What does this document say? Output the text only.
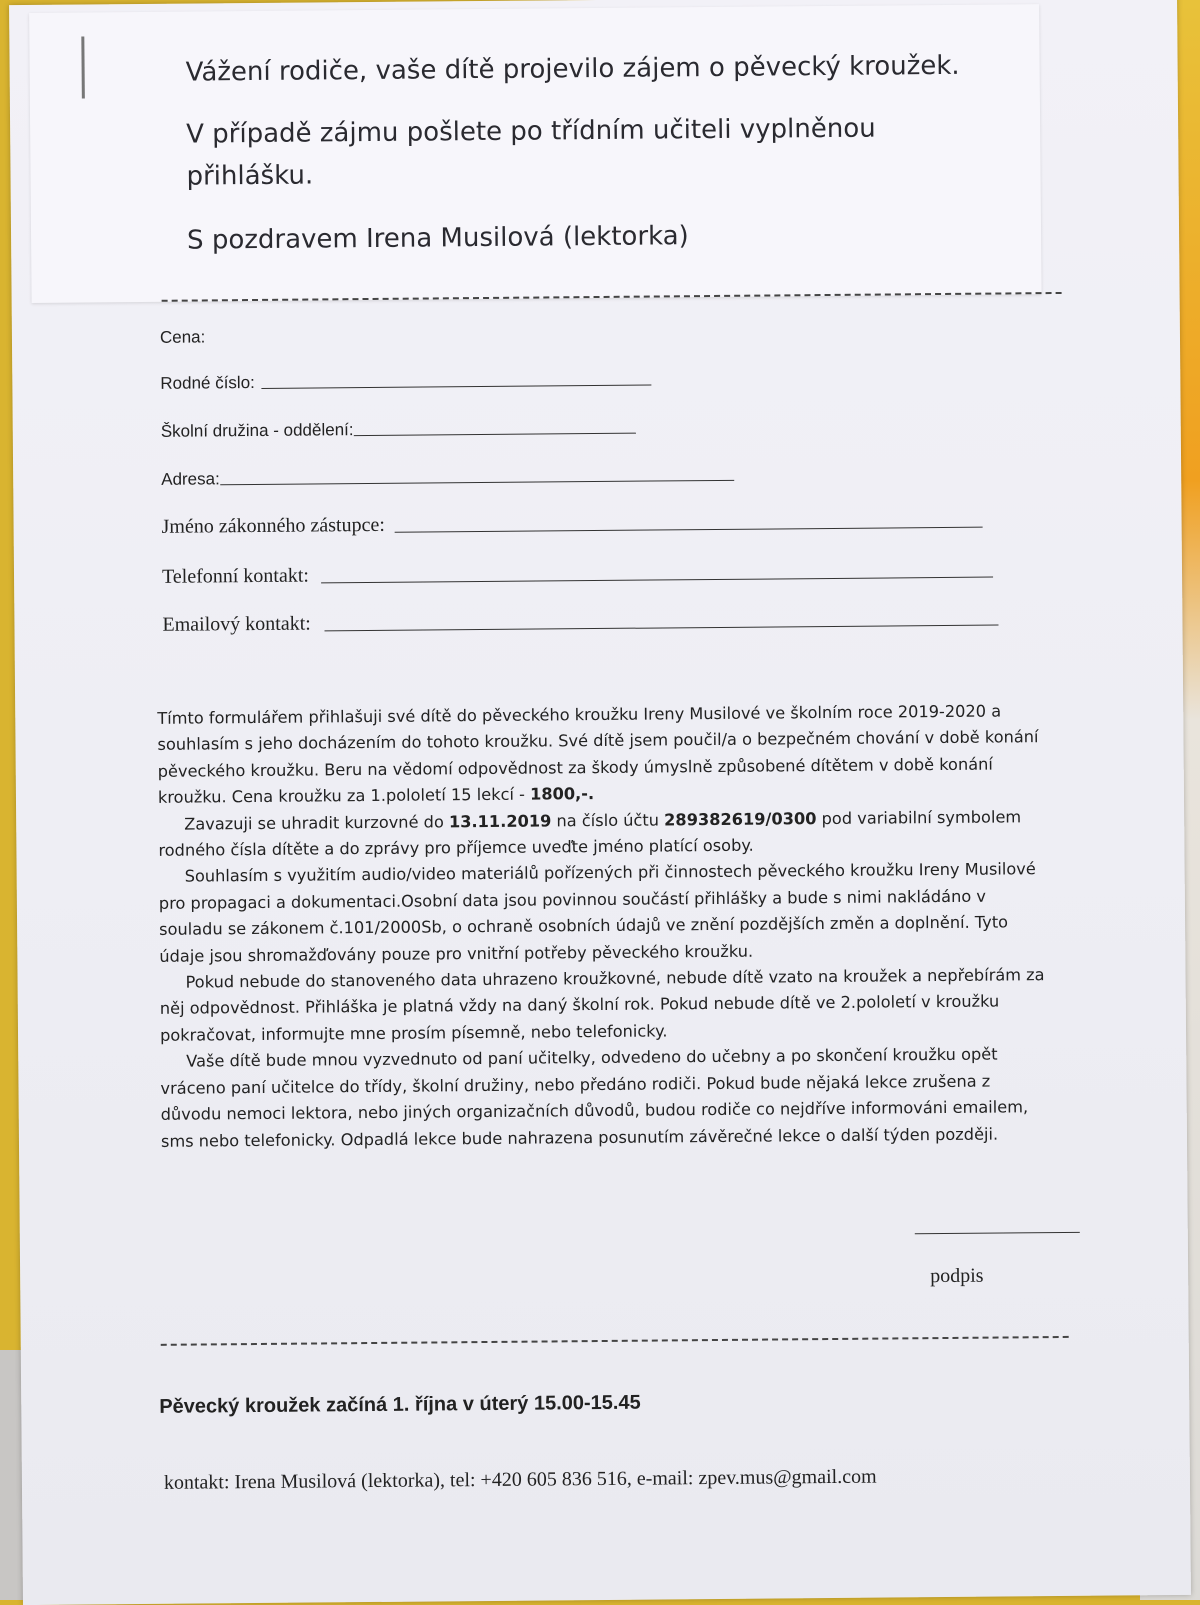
Vážení rodiče, vaše dítě projevilo zájem o pěvecký kroužek.

V případě zájmu pošlete po třídním učiteli vyplněnou

přihlášku.

S pozdravem Irena Musilová (lektorka)

Cena:
Rodné číslo:
Školní družina - oddělení:
Adresa:
Jméno zákonného zástupce:
Telefonní kontakt:
Emailový kontakt:

Tímto formulářem přihlašuji své dítě do pěveckého kroužku Ireny Musilové ve školním roce 2019-2020 a souhlasím s jeho docházením do tohoto kroužku. Své dítě jsem poučil/a o bezpečném chování v době konání pěveckého kroužku. Beru na vědomí odpovědnost za škody úmyslně způsobené dítětem v době konání kroužku. Cena kroužku za 1.pololetí 15 lekcí - 1800,-.

Zavazuji se uhradit kurzovné do 13.11.2019 na číslo účtu 289382619/0300 pod variabilní symbolem rodného čísla dítěte a do zprávy pro příjemce uveďte jméno platící osoby.

Souhlasím s využitím audio/video materiálů pořízených při činnostech pěveckého kroužku Ireny Musilové pro propagaci a dokumentaci.Osobní data jsou povinnou součástí přihlášky a bude s nimi nakládáno v souladu se zákonem č.101/2000Sb, o ochraně osobních údajů ve znění pozdějších změn a doplnění. Tyto údaje jsou shromažďovány pouze pro vnitřní potřeby pěveckého kroužku.

Pokud nebude do stanoveného data uhrazeno kroužkovné, nebude dítě vzato na kroužek a nepřebírám za něj odpovědnost. Přihláška je platná vždy na daný školní rok. Pokud nebude dítě ve 2.pololetí v kroužku pokračovat, informujte mne prosím písemně, nebo telefonicky.

Vaše dítě bude mnou vyzvednuto od paní učitelky, odvedeno do učebny a po skončení kroužku opět vráceno paní učitelce do třídy, školní družiny, nebo předáno rodiči. Pokud bude nějaká lekce zrušena z důvodu nemoci lektora, nebo jiných organizačních důvodů, budou rodiče co nejdříve informováni emailem, sms nebo telefonicky. Odpadlá lekce bude nahrazena posunutím závěrečné lekce o další týden později.

podpis
Pěvecký kroužek začíná 1. října v úterý 15.00-15.45
kontakt: Irena Musilová (lektorka), tel: +420 605 836 516, e-mail: zpev.mus@gmail.com
